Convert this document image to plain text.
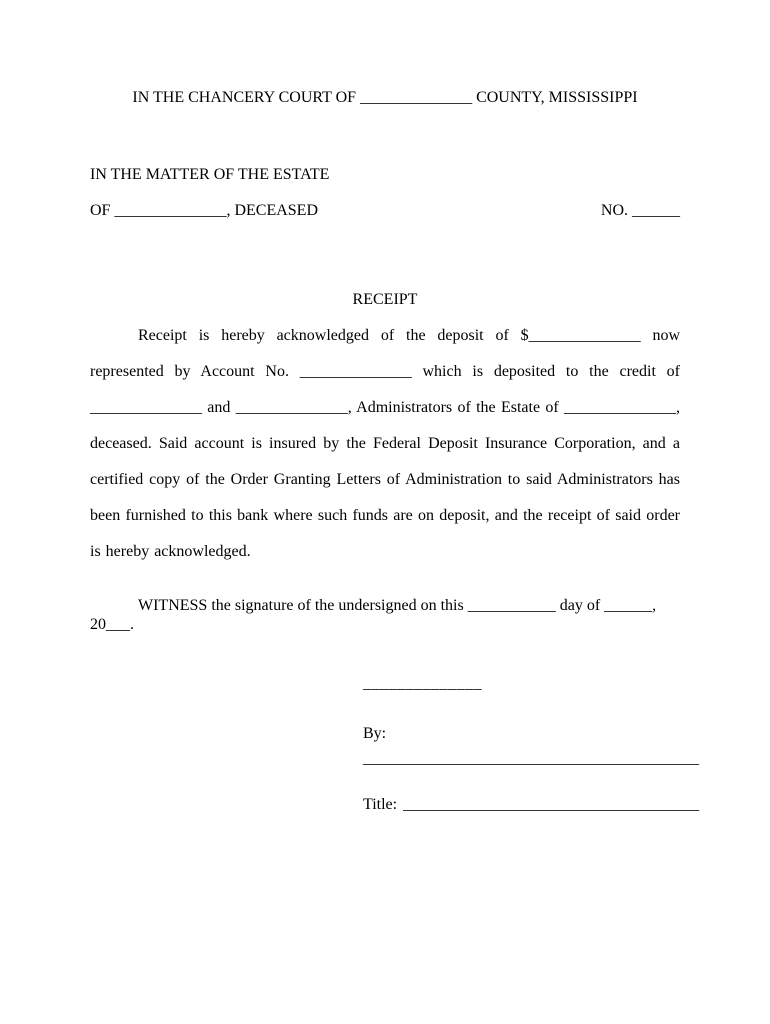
IN THE CHANCERY COURT OF ______________ COUNTY, MISSISSIPPI
IN THE MATTER OF THE ESTATE
OF ______________, DECEASED	NO. ______
RECEIPT
Receipt is hereby acknowledged of the deposit of $______________ now represented by Account No. ______________ which is deposited to the credit of ______________ and ______________, Administrators of the Estate of ______________, deceased. Said account is insured by the Federal Deposit Insurance Corporation, and a certified copy of the Order Granting Letters of Administration to said Administrators has been furnished to this bank where such funds are on deposit, and the receipt of said order is hereby acknowledged.
WITNESS the signature of the undersigned on this ___________ day of ______, 20___.
______________
By:
__________________________________________
Title: _____________________________________
